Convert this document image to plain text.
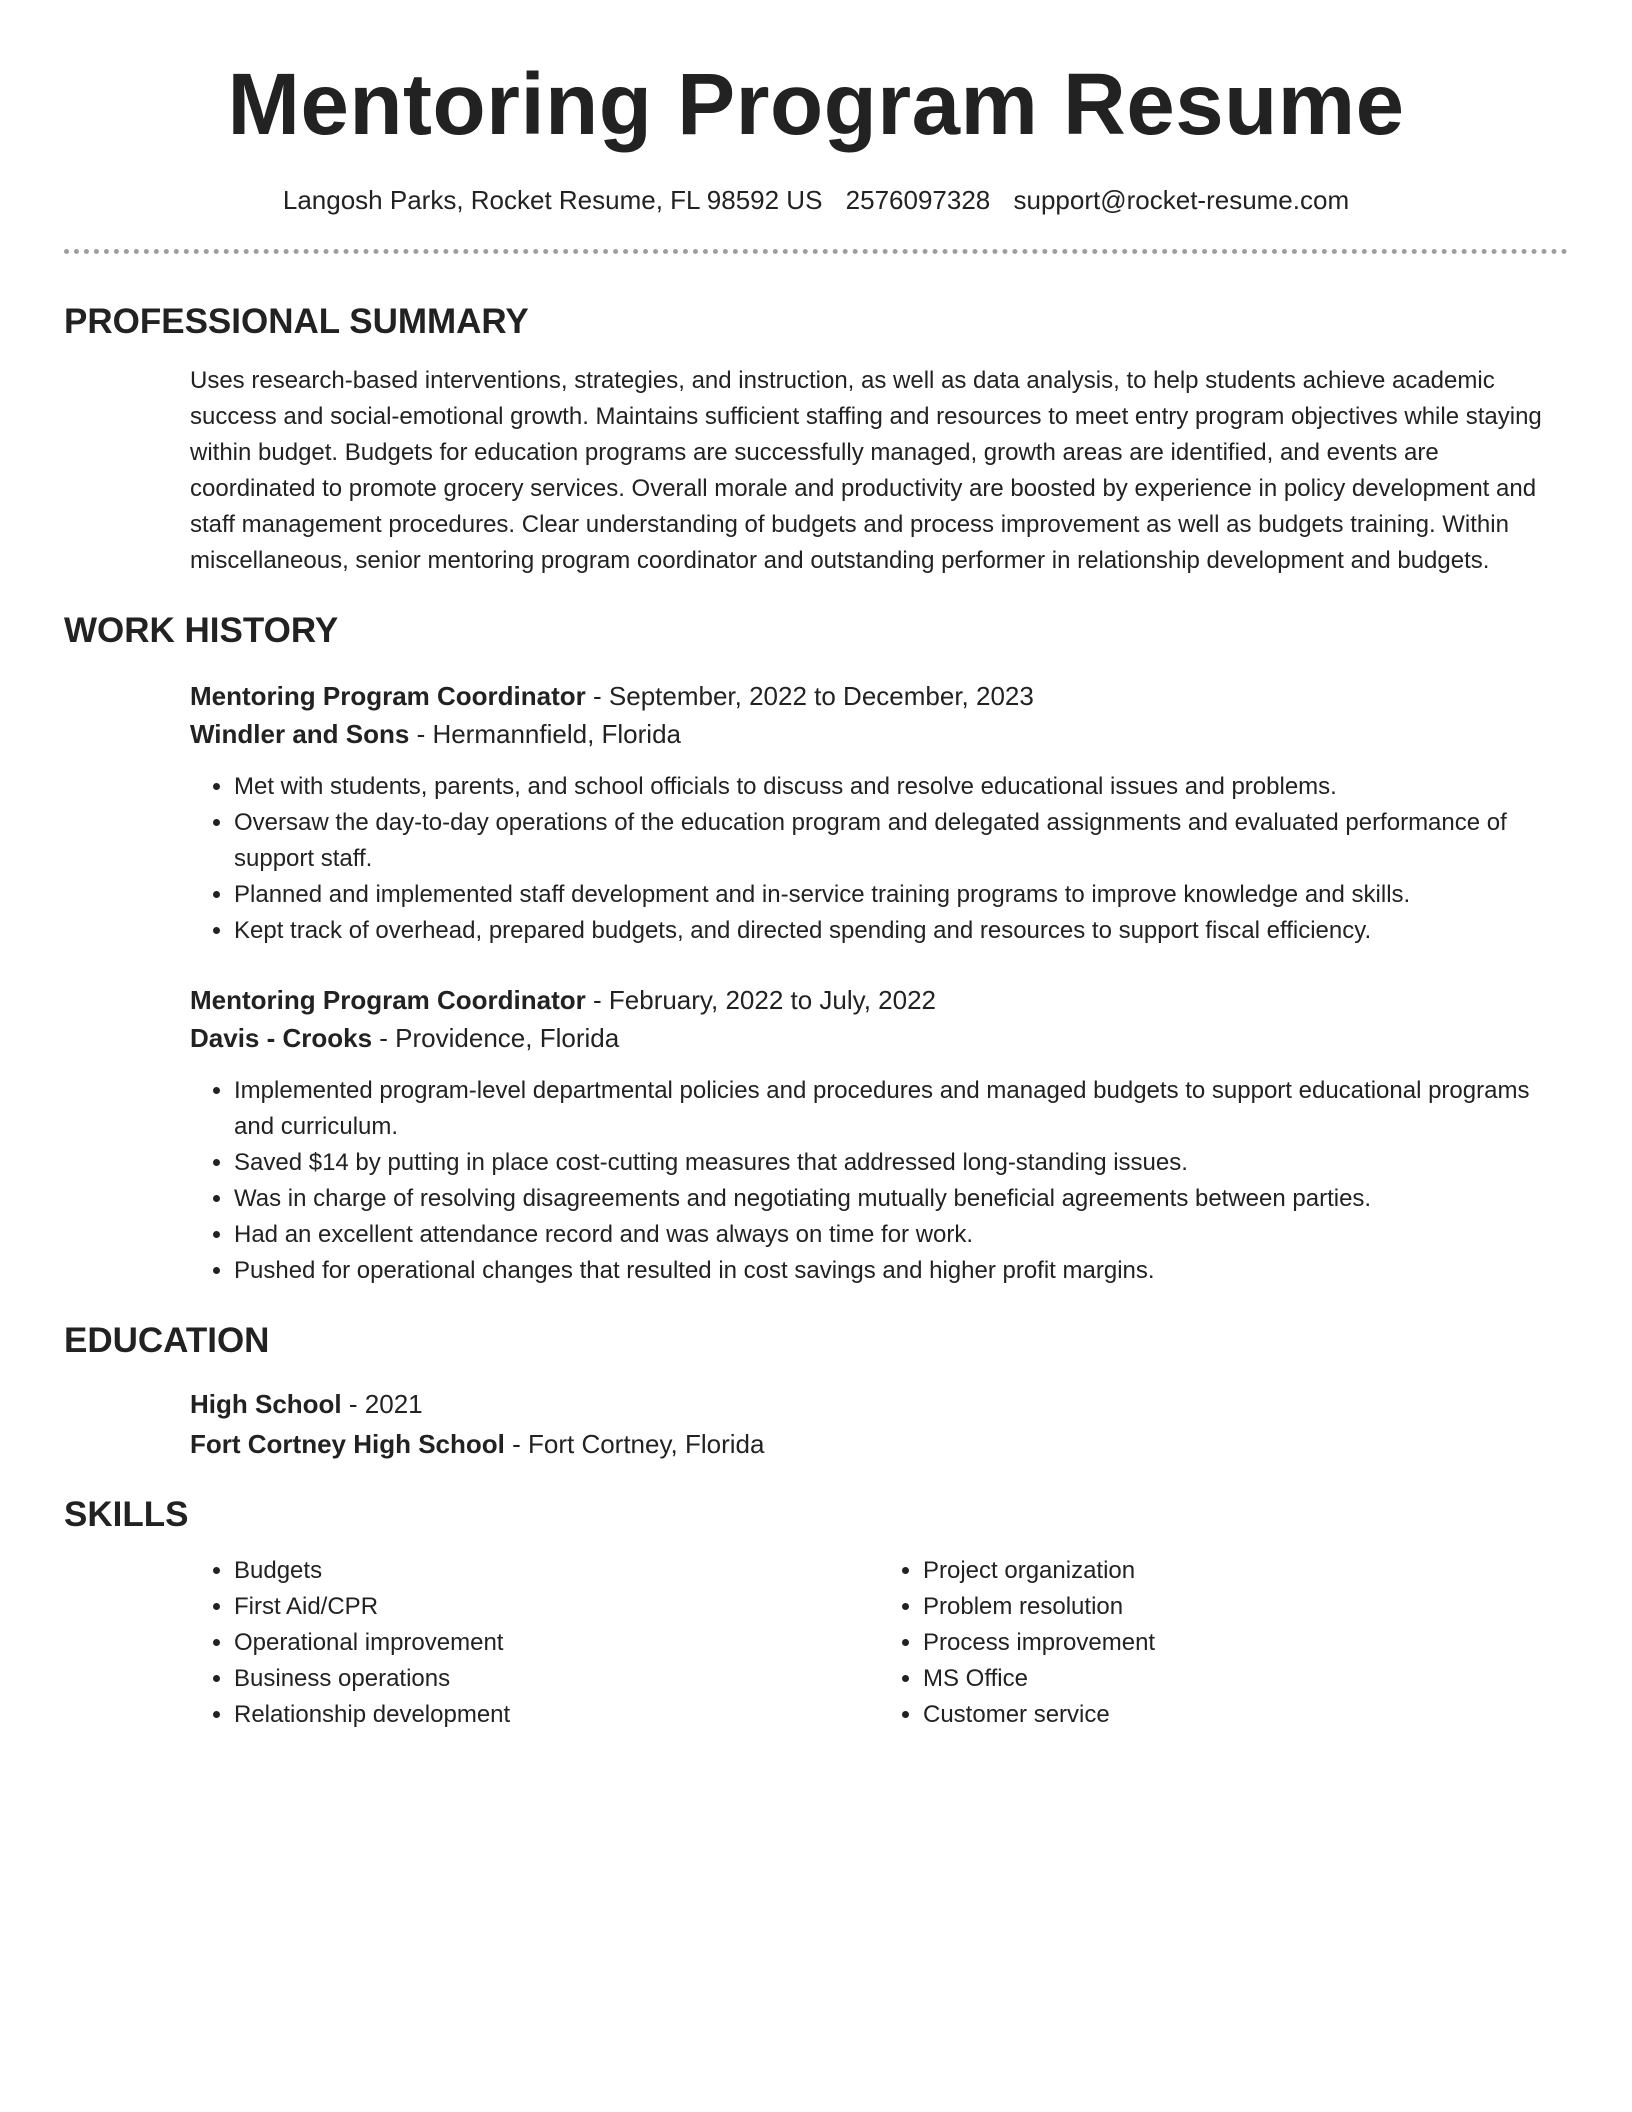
Mentoring Program Resume
Langosh Parks, Rocket Resume, FL 98592 US 2576097328 support@rocket-resume.com
PROFESSIONAL SUMMARY

Uses research-based interventions, strategies, and instruction, as well as data analysis, to help students achieve academic success and social-emotional growth. Maintains sufficient staffing and resources to meet entry program objectives while staying within budget. Budgets for education programs are successfully managed, growth areas are identified, and events are coordinated to promote grocery services. Overall morale and productivity are boosted by experience in policy development and staff management procedures. Clear understanding of budgets and process improvement as well as budgets training. Within miscellaneous, senior mentoring program coordinator and outstanding performer in relationship development and budgets.

WORK HISTORY
Mentoring Program Coordinator - September, 2022 to December, 2023
Windler and Sons - Hermannfield, Florida
• Met with students, parents, and school officials to discuss and resolve educational issues and problems.
• Oversaw the day-to-day operations of the education program and delegated assignments and evaluated performance of support staff.
• Planned and implemented staff development and in-service training programs to improve knowledge and skills.
• Kept track of overhead, prepared budgets, and directed spending and resources to support fiscal efficiency.
Mentoring Program Coordinator - February, 2022 to July, 2022
Davis - Crooks - Providence, Florida
• Implemented program-level departmental policies and procedures and managed budgets to support educational programs and curriculum.
• Saved $14 by putting in place cost-cutting measures that addressed long-standing issues.
• Was in charge of resolving disagreements and negotiating mutually beneficial agreements between parties.
• Had an excellent attendance record and was always on time for work.
• Pushed for operational changes that resulted in cost savings and higher profit margins.
EDUCATION
High School - 2021
Fort Cortney High School - Fort Cortney, Florida
SKILLS
• Budgets
• First Aid/CPR
• Operational improvement
• Business operations
• Relationship development
• Project organization
• Problem resolution
• Process improvement
• MS Office
• Customer service
